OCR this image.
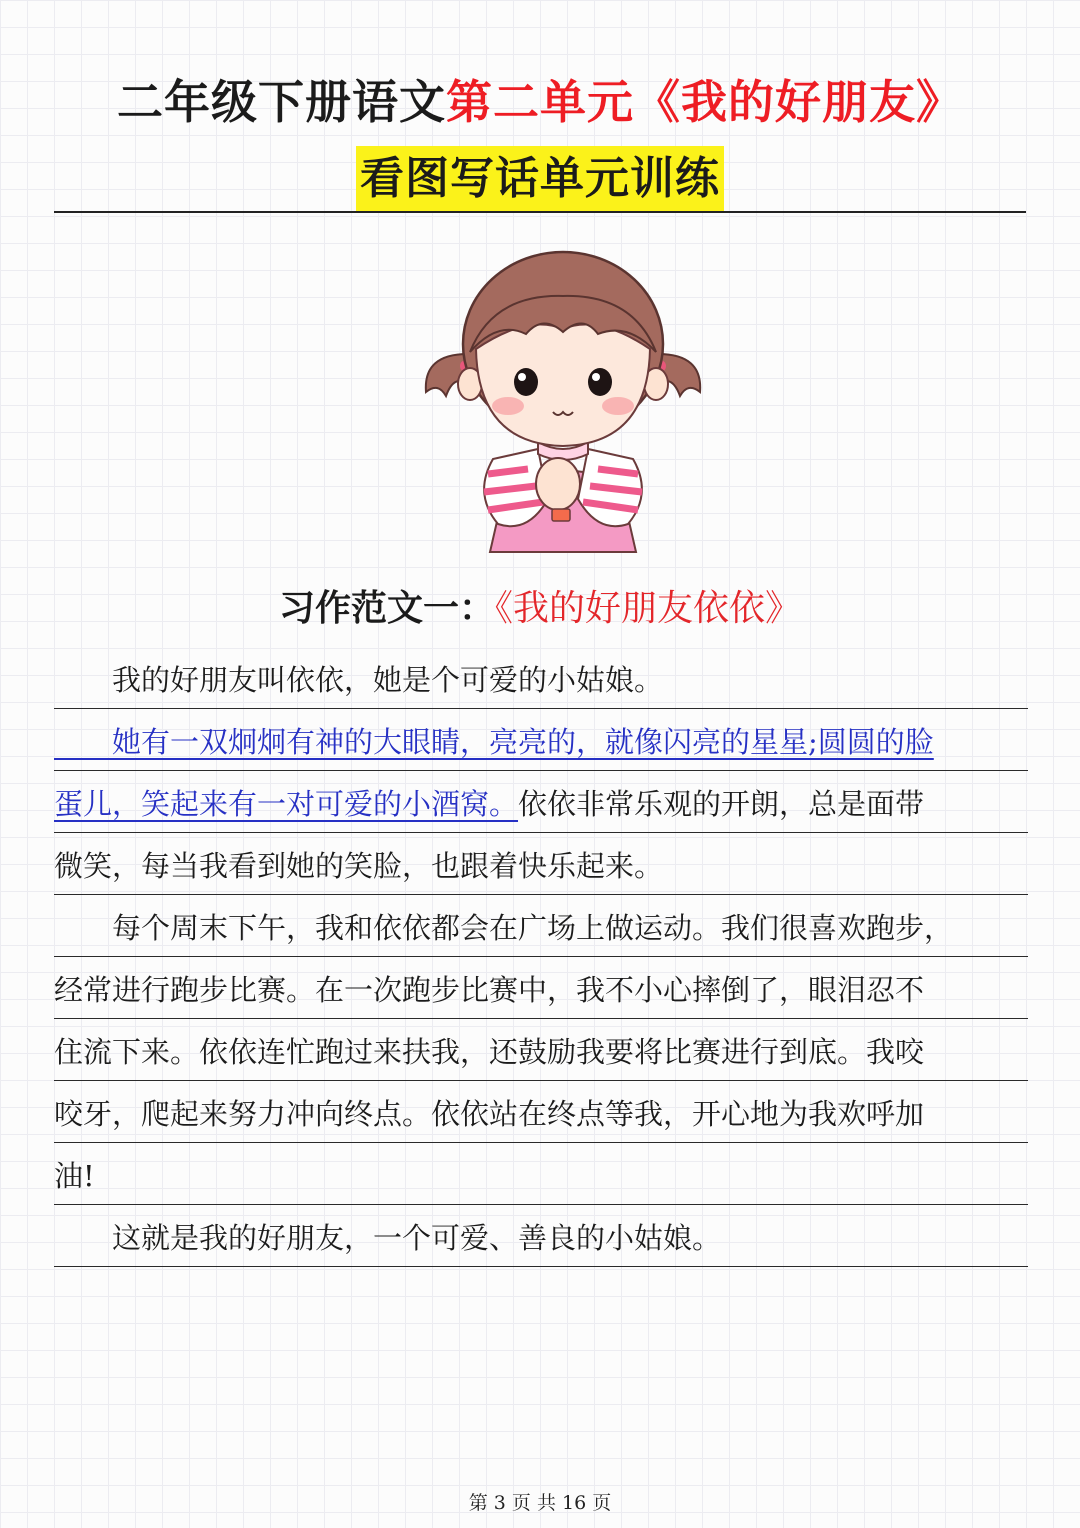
二年级下册语文第二单元《我的好朋友》
看图写话单元训练
习作范文一：《我的好朋友依依》
　　我的好朋友叫依依，她是个可爱的小姑娘。
　　她有一双炯炯有神的大眼睛，亮亮的，就像闪亮的星星;圆圆的脸
蛋儿，笑起来有一对可爱的小酒窝。依依非常乐观的开朗，总是面带
微笑，每当我看到她的笑脸，也跟着快乐起来。
　　每个周末下午，我和依依都会在广场上做运动。我们很喜欢跑步，
经常进行跑步比赛。在一次跑步比赛中，我不小心摔倒了，眼泪忍不
住流下来。依依连忙跑过来扶我，还鼓励我要将比赛进行到底。我咬
咬牙，爬起来努力冲向终点。依依站在终点等我，开心地为我欢呼加
油!
　　这就是我的好朋友，一个可爱、善良的小姑娘。
第 3 页 共 16 页
